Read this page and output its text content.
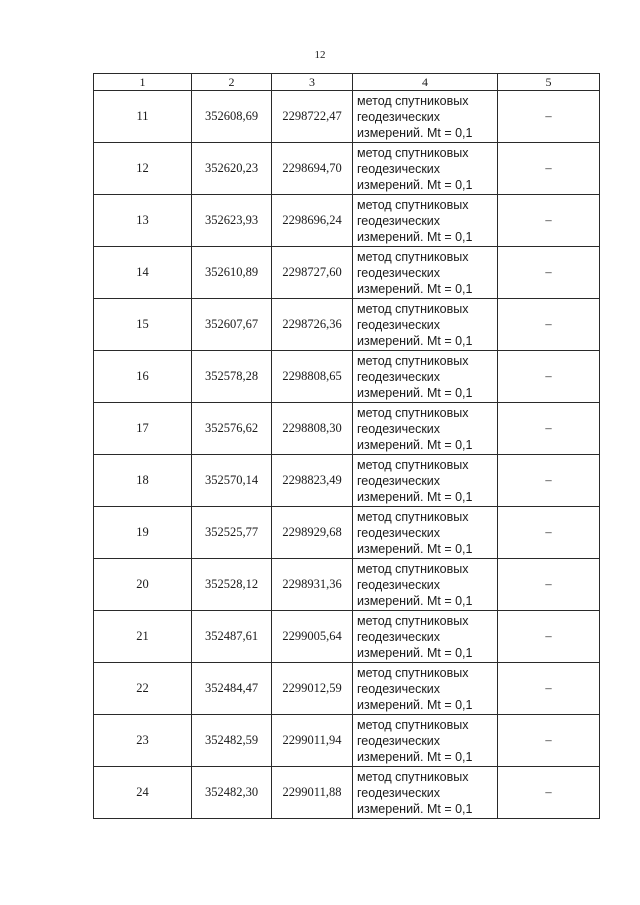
12
1	2	3	4	5
11	352608,69	2298722,47	метод спутниковых
геодезических
измерений. Mt = 0,1	–
12	352620,23	2298694,70	метод спутниковых
геодезических
измерений. Mt = 0,1	–
13	352623,93	2298696,24	метод спутниковых
геодезических
измерений. Mt = 0,1	–
14	352610,89	2298727,60	метод спутниковых
геодезических
измерений. Mt = 0,1	–
15	352607,67	2298726,36	метод спутниковых
геодезических
измерений. Mt = 0,1	–
16	352578,28	2298808,65	метод спутниковых
геодезических
измерений. Mt = 0,1	–
17	352576,62	2298808,30	метод спутниковых
геодезических
измерений. Mt = 0,1	–
18	352570,14	2298823,49	метод спутниковых
геодезических
измерений. Mt = 0,1	–
19	352525,77	2298929,68	метод спутниковых
геодезических
измерений. Mt = 0,1	–
20	352528,12	2298931,36	метод спутниковых
геодезических
измерений. Mt = 0,1	–
21	352487,61	2299005,64	метод спутниковых
геодезических
измерений. Mt = 0,1	–
22	352484,47	2299012,59	метод спутниковых
геодезических
измерений. Mt = 0,1	–
23	352482,59	2299011,94	метод спутниковых
геодезических
измерений. Mt = 0,1	–
24	352482,30	2299011,88	метод спутниковых
геодезических
измерений. Mt = 0,1	–
